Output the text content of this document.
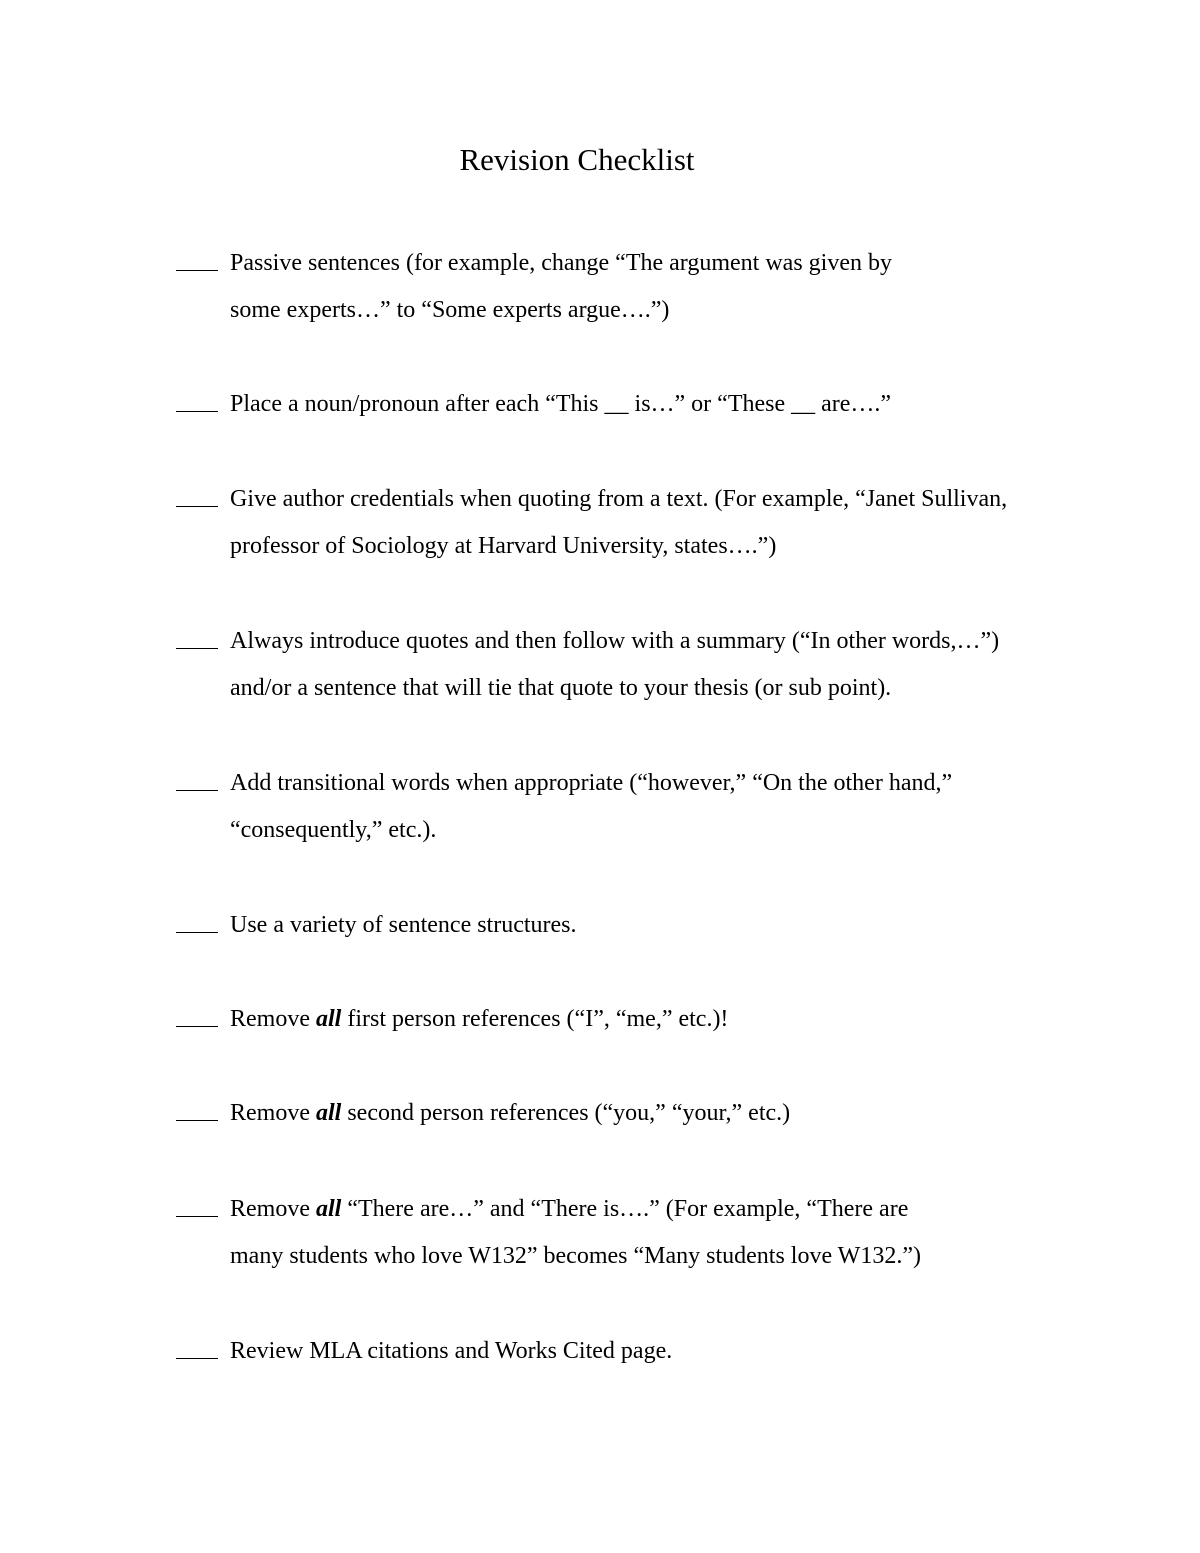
Revision Checklist
Passive sentences (for example, change “The argument was given by
some experts…” to “Some experts argue….”)
Place a noun/pronoun after each “This __ is…” or “These __ are….”
Give author credentials when quoting from a text. (For example, “Janet Sullivan,
professor of Sociology at Harvard University, states….”)
Always introduce quotes and then follow with a summary (“In other words,…”)
and/or a sentence that will tie that quote to your thesis (or sub point).
Add transitional words when appropriate (“however,” “On the other hand,”
“consequently,” etc.).
Use a variety of sentence structures.
Remove all first person references (“I”, “me,” etc.)!
Remove all second person references (“you,” “your,” etc.)
Remove all “There are…” and “There is….” (For example, “There are
many students who love W132” becomes “Many students love W132.”)
Review MLA citations and Works Cited page.
